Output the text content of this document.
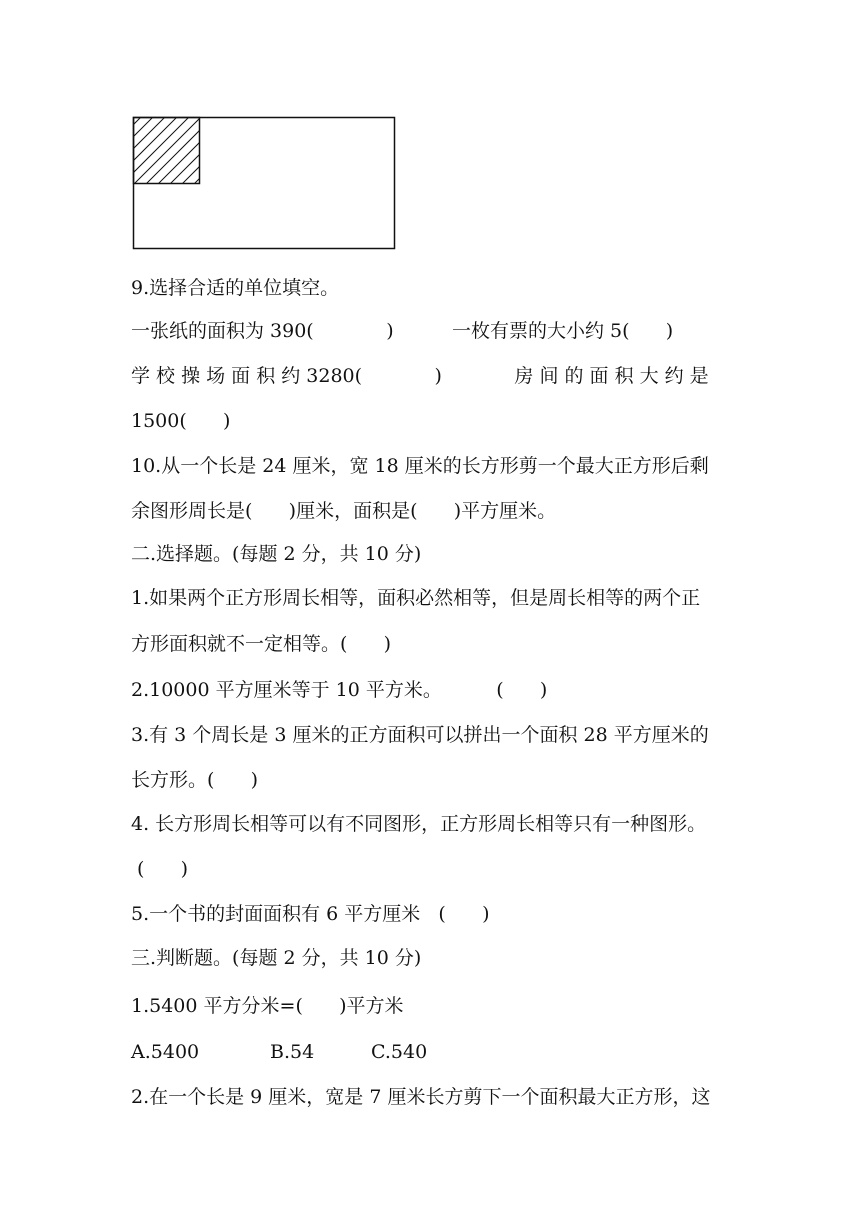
9.选择合适的单位填空。
一张纸的面积为 390(            )	一枚有票的大小约 5(      )
学 校 操 场 面 积 约 3280(            )            房 间 的 面 积 大 约 是
1500(      )
10.从一个长是 24 厘米，宽 18 厘米的长方形剪一个最大正方形后剩
余图形周长是(      )厘米，面积是(      )平方厘米。
二.选择题。(每题 2 分，共 10 分)
1.如果两个正方形周长相等，面积必然相等，但是周长相等的两个正
方形面积就不一定相等。(      )
2.10000 平方厘米等于 10 平方米。         (      )
3.有 3 个周长是 3 厘米的正方面积可以拼出一个面积 28 平方厘米的
长方形。(      )
4. 长方形周长相等可以有不同图形，正方形周长相等只有一种图形。
(      )
5.一个书的封面面积有 6 平方厘米   (      )
三.判断题。(每题 2 分，共 10 分)
1.5400 平方分米=(      )平方米
A.5400	B.54	C.540
2.在一个长是 9 厘米，宽是 7 厘米长方剪下一个面积最大正方形，这
